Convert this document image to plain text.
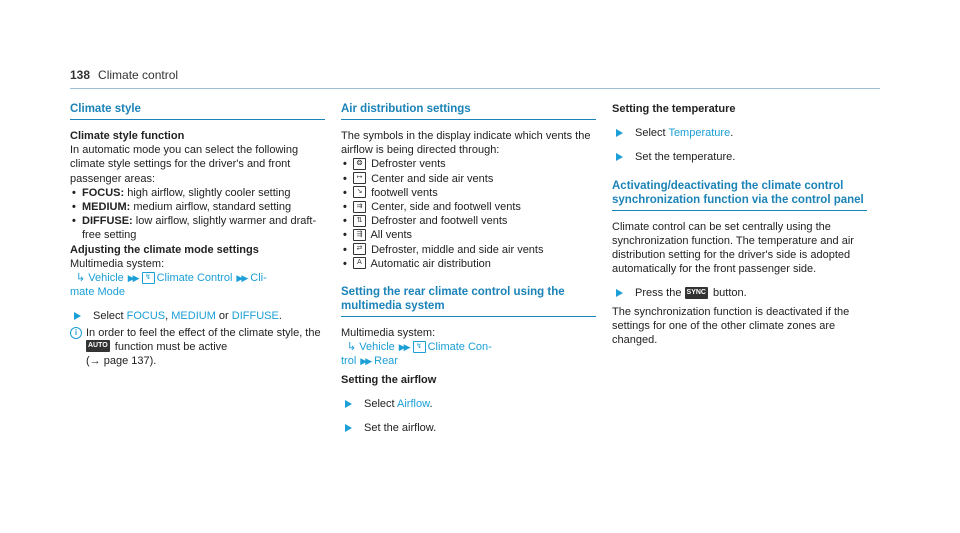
138 Climate control
Climate style
Climate style function

In automatic mode you can select the following climate style settings for the driver's and front passenger areas:

• FOCUS: high airflow, slightly cooler setting
• MEDIUM: medium airflow, standard setting
• DIFFUSE: low airflow, slightly warmer and draft-free setting
Adjusting the climate mode settings
Multimedia system:
↳ Vehicle ▶▶ ↯ Climate Control ▶▶ Cli-
mate Mode
Select FOCUS, MEDIUM or DIFFUSE.
i In order to feel the effect of the climate style, the AUTO function must be active
(→ page 137).
Air distribution settings

The symbols in the display indicate which vents the airflow is being directed through:

• ❂ Defroster vents
• ↦ Center and side air vents
• ↘ footwell vents
• ⇉ Center, side and footwell vents
• ⇅ Defroster and footwell vents
• ⇶ All vents
• ⇄ Defroster, middle and side air vents
• A Automatic air distribution
Setting the rear climate control using the multimedia system
Multimedia system:
↳ Vehicle ▶▶ ↯ Climate Con-
trol ▶▶ Rear
Setting the airflow
Select Airflow.
Set the airflow.
Setting the temperature
Select Temperature.
Set the temperature.
Activating/deactivating the climate control synchronization function via the control panel

Climate control can be set centrally using the synchronization function. The temperature and air distribution setting for the driver's side is adopted automatically for the front passenger side.

Press the SYNC button.

The synchronization function is deactivated if the settings for one of the other climate zones are changed.
